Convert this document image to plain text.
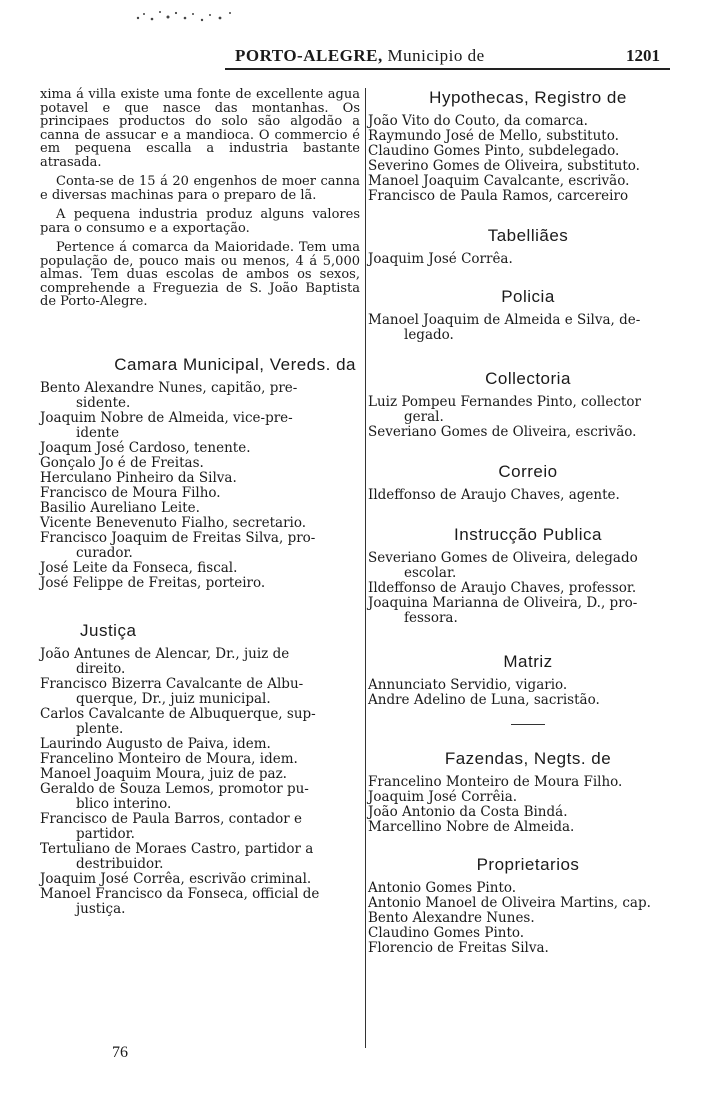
PORTO-ALEGRE, Municipio de	1201

xima á villa existe uma fonte de excellente agua potavel e que nasce das montanhas. Os principaes productos do solo são algodão a canna de assucar e a mandioca. O commercio é em pequena escalla a industria bastante atrasada.

Conta-se de 15 á 20 engenhos de moer canna e diversas machinas para o preparo de lã.

A pequena industria produz alguns valores para o consumo e a exportação.

Pertence á comarca da Maioridade. Tem uma população de, pouco mais ou menos, 4 á 5,000 almas. Tem duas escolas de ambos os sexos, comprehende a Freguezia de S. João Baptista de Porto-Alegre.

Camara Municipal, Vereds. da

Bento Alexandre Nunes, capitão, pre-
sidente.

Joaquim Nobre de Almeida, vice-pre-
idente

Joaqum José Cardoso, tenente.

Gonçalo Jo é de Freitas.

Herculano Pinheiro da Silva.

Francisco de Moura Filho.

Basilio Aureliano Leite.

Vicente Benevenuto Fialho, secretario.

Francisco Joaquim de Freitas Silva, pro-
curador.

José Leite da Fonseca, fiscal.

José Felippe de Freitas, porteiro.

Justiça

João Antunes de Alencar, Dr., juiz de
direito.

Francisco Bizerra Cavalcante de Albu-
querque, Dr., juiz municipal.

Carlos Cavalcante de Albuquerque, sup-
plente.

Laurindo Augusto de Paiva, idem.

Francelino Monteiro de Moura, idem.

Manoel Joaquim Moura, juiz de paz.

Geraldo de Souza Lemos, promotor pu-
blico interino.

Francisco de Paula Barros, contador e
partidor.

Tertuliano de Moraes Castro, partidor a
destribuidor.

Joaquim José Corrêa, escrivão criminal.

Manoel Francisco da Fonseca, official de
justiça.

76
Hypothecas, Registro de

João Vito do Couto, da comarca.

Raymundo José de Mello, substituto.

Claudino Gomes Pinto, subdelegado.

Severino Gomes de Oliveira, substituto.

Manoel Joaquim Cavalcante, escrivão.

Francisco de Paula Ramos, carcereiro

Tabelliães

Joaquim José Corrêa.

Policia

Manoel Joaquim de Almeida e Silva, de-
legado.

Collectoria

Luiz Pompeu Fernandes Pinto, collector
geral.

Severiano Gomes de Oliveira, escrivão.

Correio

Ildeffonso de Araujo Chaves, agente.

Instrucção Publica

Severiano Gomes de Oliveira, delegado
escolar.

Ildeffonso de Araujo Chaves, professor.

Joaquina Marianna de Oliveira, D., pro-
fessora.

Matriz

Annunciato Servidio, vigario.

Andre Adelino de Luna, sacristão.

Fazendas, Negts. de

Francelino Monteiro de Moura Filho.

Joaquim José Corrêia.

João Antonio da Costa Bindá.

Marcellino Nobre de Almeida.

Proprietarios

Antonio Gomes Pinto.

Antonio Manoel de Oliveira Martins, cap.

Bento Alexandre Nunes.

Claudino Gomes Pinto.

Florencio de Freitas Silva.
